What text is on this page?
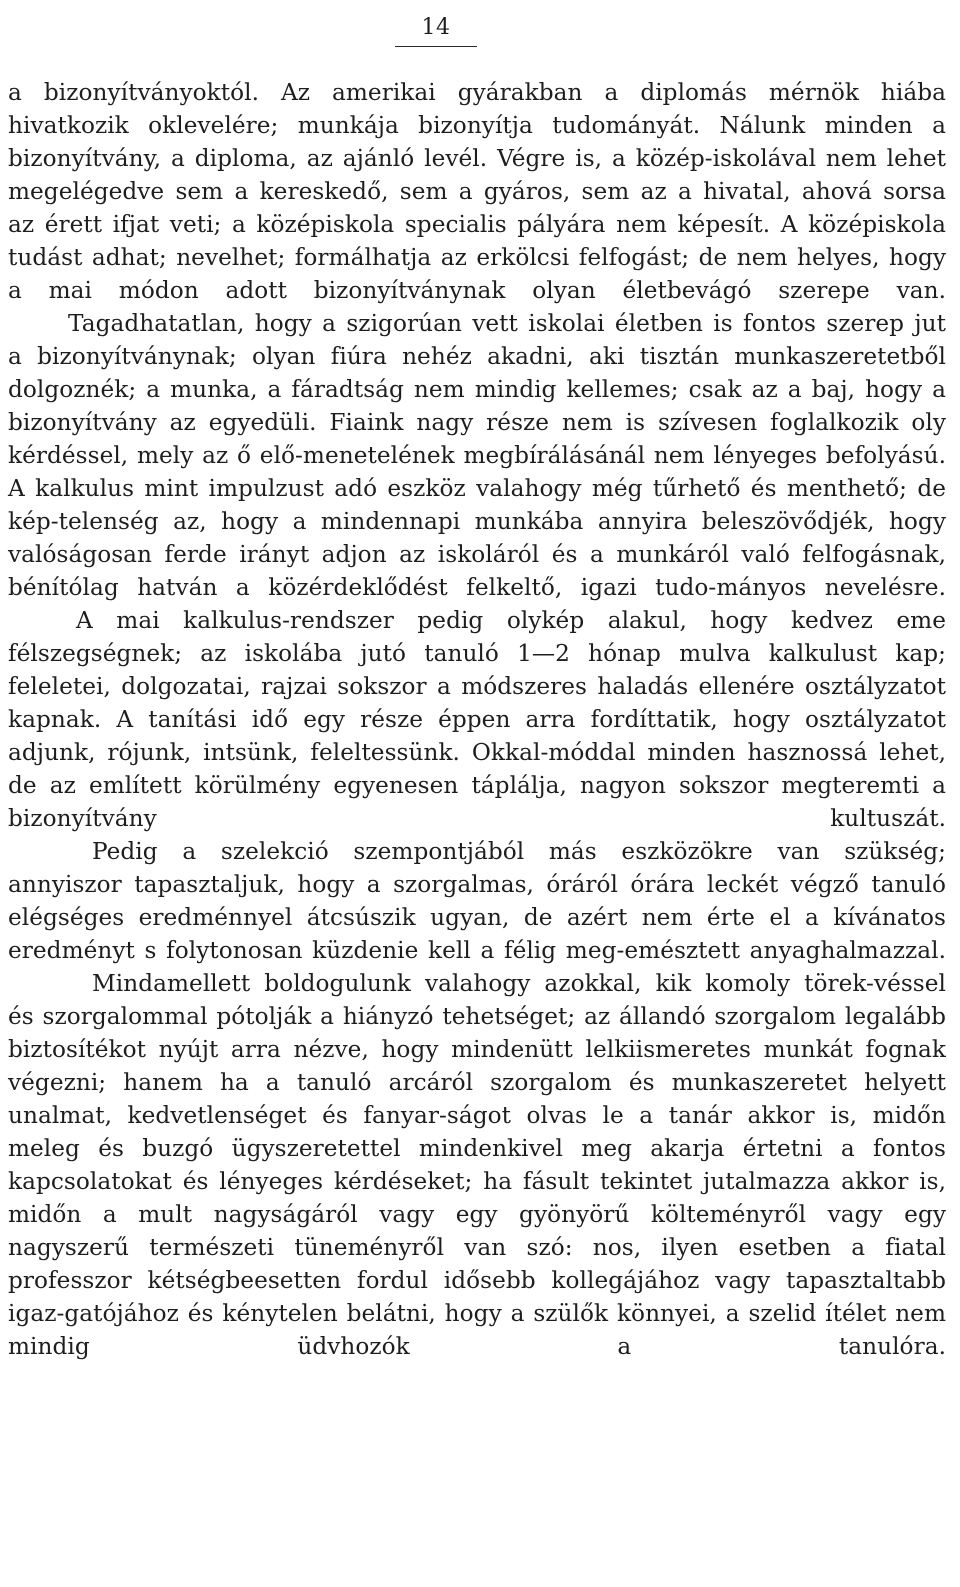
14

a bizonyítványoktól. Az amerikai gyárakban a diplomás mérnök hiába hivatkozik oklevelére; munkája bizonyítja tudományát. Nálunk minden a bizonyítvány, a diploma, az ajánló levél. Végre is, a közép-iskolával nem lehet megelégedve sem a kereskedő, sem a gyáros, sem az a hivatal, ahová sorsa az érett ifjat veti; a középiskola specialis pályára nem képesít. A középiskola tudást adhat; nevelhet; formálhatja az erkölcsi felfogást; de nem helyes, hogy a mai módon adott bizonyítványnak olyan életbevágó szerepe van.

Tagadhatatlan, hogy a szigorúan vett iskolai életben is fontos szerep jut a bizonyítványnak; olyan fiúra nehéz akadni, aki tisztán munkaszeretetből dolgoznék; a munka, a fáradtság nem mindig kellemes; csak az a baj, hogy a bizonyítvány az egyedüli. Fiaink nagy része nem is szívesen foglalkozik oly kérdéssel, mely az ő elő-menetelének megbírálásánál nem lényeges befolyású. A kalkulus mint impulzust adó eszköz valahogy még tűrhető és menthető; de kép-telenség az, hogy a mindennapi munkába annyira beleszövődjék, hogy valóságosan ferde irányt adjon az iskoláról és a munkáról való felfogásnak, bénítólag hatván a közérdeklődést felkeltő, igazi tudo-mányos nevelésre.

A mai kalkulus-rendszer pedig olykép alakul, hogy kedvez eme félszegségnek; az iskolába jutó tanuló 1—2 hónap mulva kalkulust kap; feleletei, dolgozatai, rajzai sokszor a módszeres haladás ellenére osztályzatot kapnak. A tanítási idő egy része éppen arra fordíttatik, hogy osztályzatot adjunk, rójunk, intsünk, feleltessünk. Okkal-móddal minden hasznossá lehet, de az említett körülmény egyenesen táplálja, nagyon sokszor megteremti a bizonyítvány kultuszát.

Pedig a szelekció szempontjából más eszközökre van szükség; annyiszor tapasztaljuk, hogy a szorgalmas, óráról órára leckét végző tanuló elégséges eredménnyel átcsúszik ugyan, de azért nem érte el a kívánatos eredményt s folytonosan küzdenie kell a félig meg-emésztett anyaghalmazzal.

Mindamellett boldogulunk valahogy azokkal, kik komoly törek-véssel és szorgalommal pótolják a hiányzó tehetséget; az állandó szorgalom legalább biztosítékot nyújt arra nézve, hogy mindenütt lelkiismeretes munkát fognak végezni; hanem ha a tanuló arcáról szorgalom és munkaszeretet helyett unalmat, kedvetlenséget és fanyar-ságot olvas le a tanár akkor is, midőn meleg és buzgó ügyszeretettel mindenkivel meg akarja értetni a fontos kapcsolatokat és lényeges kérdéseket; ha fásult tekintet jutalmazza akkor is, midőn a mult nagyságáról vagy egy gyönyörű költeményről vagy egy nagyszerű természeti tüneményről van szó: nos, ilyen esetben a fiatal professzor kétségbeesetten fordul idősebb kollegájához vagy tapasztaltabb igaz-gatójához és kénytelen belátni, hogy a szülők könnyei, a szelid ítélet nem mindig üdvhozók a tanulóra.
